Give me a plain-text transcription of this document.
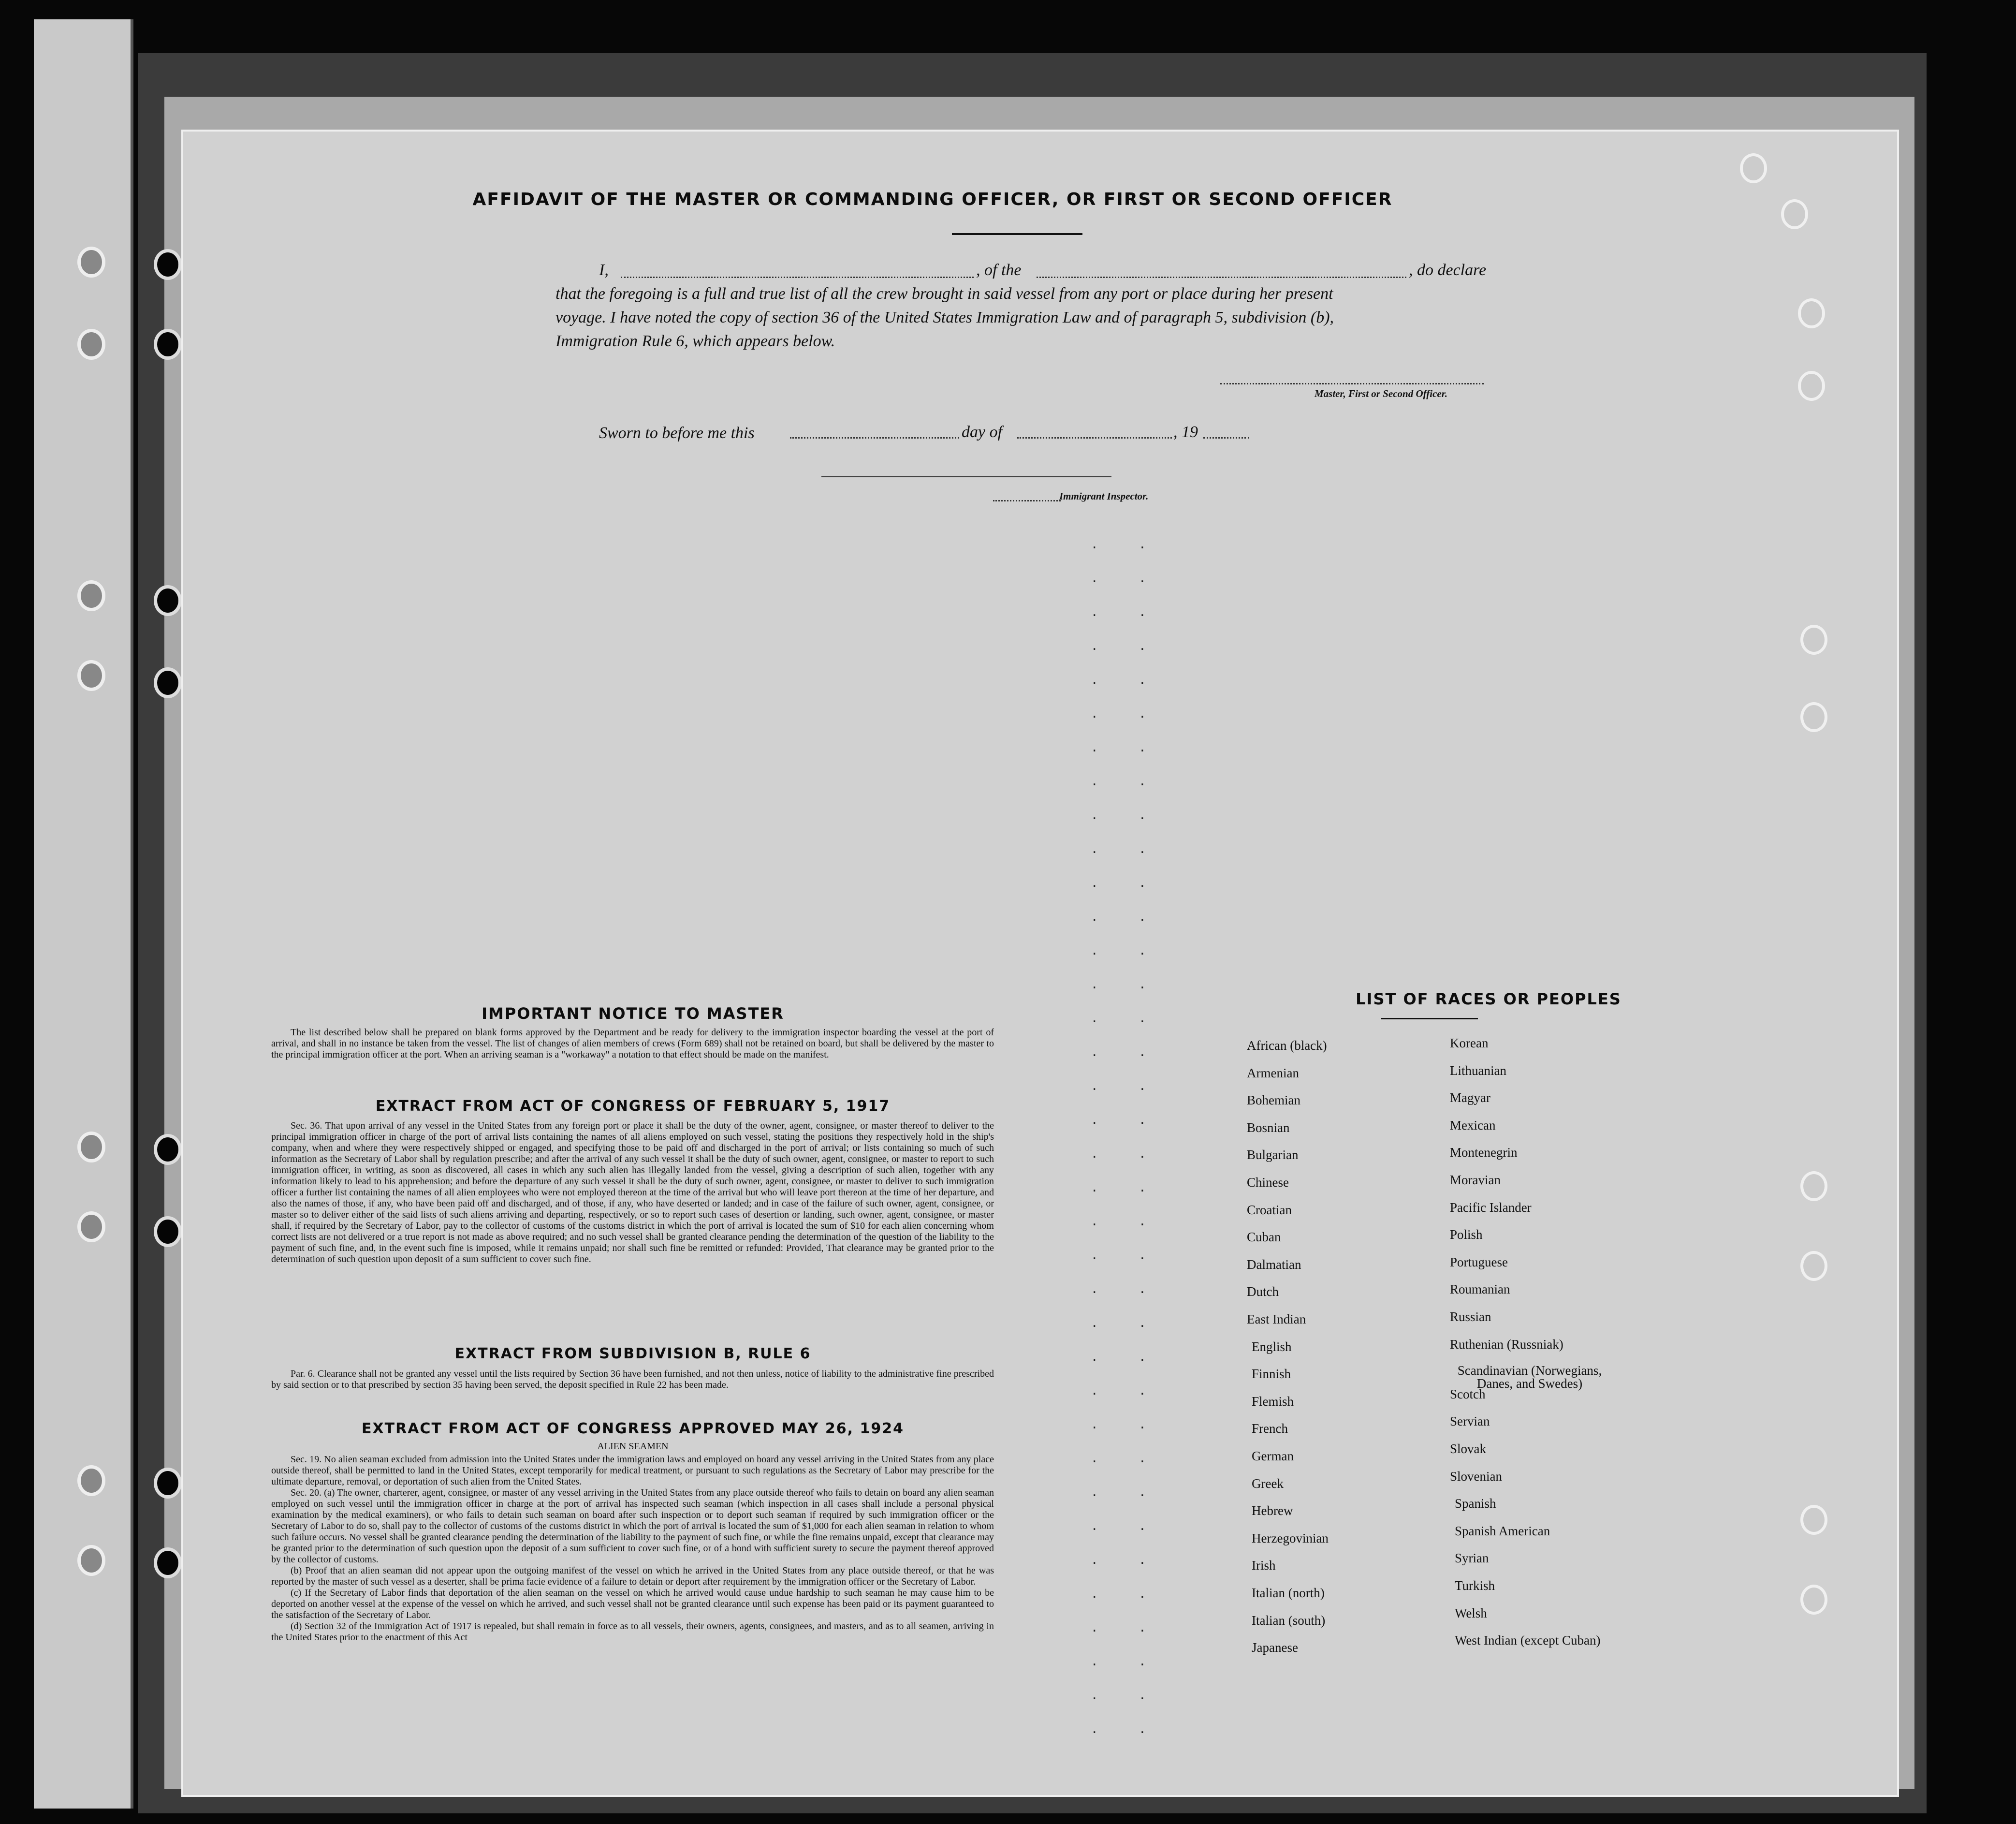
AFFIDAVIT OF THE MASTER OR COMMANDING OFFICER, OR FIRST OR SECOND OFFICER
I,	, of the	, do declare
that the foregoing is a full and true list of all the crew brought in said vessel from any port or place during her present
voyage. I have noted the copy of section 36 of the United States Immigration Law and of paragraph 5, subdivision (b),
Immigration Rule 6, which appears below.
Master, First or Second Officer.
Sworn to before me this	day of	, 19
Immigrant Inspector.
. .
. .
. .
. .
. .
. .
. .
. .
. .
. .
. .
. .
. .
. .
. .
. .
. .
. .
. .
. .
. .
. .
. .
. .
. .
. .
. .
. .
. .
. .
. .
. .
. .
. .
. .
. .
IMPORTANT NOTICE TO MASTER
The list described below shall be prepared on blank forms approved by the Department and be ready for delivery to the immigration inspector boarding the vessel at the port of arrival, and shall in no instance be taken from the vessel. The list of changes of alien members of crews (Form 689) shall not be retained on board, but shall be delivered by the master to the principal immigration officer at the port. When an arriving seaman is a "workaway" a notation to that effect should be made on the manifest.
EXTRACT FROM ACT OF CONGRESS OF FEBRUARY 5, 1917
Sec. 36. That upon arrival of any vessel in the United States from any foreign port or place it shall be the duty of the owner, agent, consignee, or master thereof to deliver to the principal immigration officer in charge of the port of arrival lists containing the names of all aliens employed on such vessel, stating the positions they respectively hold in the ship's company, when and where they were respectively shipped or engaged, and specifying those to be paid off and discharged in the port of arrival; or lists containing so much of such information as the Secretary of Labor shall by regulation prescribe; and after the arrival of any such vessel it shall be the duty of such owner, agent, consignee, or master to report to such immigration officer, in writing, as soon as discovered, all cases in which any such alien has illegally landed from the vessel, giving a description of such alien, together with any information likely to lead to his apprehension; and before the departure of any such vessel it shall be the duty of such owner, agent, consignee, or master to deliver to such immigration officer a further list containing the names of all alien employees who were not employed thereon at the time of the arrival but who will leave port thereon at the time of her departure, and also the names of those, if any, who have been paid off and discharged, and of those, if any, who have deserted or landed; and in case of the failure of such owner, agent, consignee, or master so to deliver either of the said lists of such aliens arriving and departing, respectively, or so to report such cases of desertion or landing, such owner, agent, consignee, or master shall, if required by the Secretary of Labor, pay to the collector of customs of the customs district in which the port of arrival is located the sum of $10 for each alien concerning whom correct lists are not delivered or a true report is not made as above required; and no such vessel shall be granted clearance pending the determination of the question of the liability to the payment of such fine, and, in the event such fine is imposed, while it remains unpaid; nor shall such fine be remitted or refunded: Provided, That clearance may be granted prior to the determination of such question upon deposit of a sum sufficient to cover such fine.
EXTRACT FROM SUBDIVISION B, RULE 6
Par. 6. Clearance shall not be granted any vessel until the lists required by Section 36 have been furnished, and not then unless, notice of liability to the administrative fine prescribed by said section or to that prescribed by section 35 having been served, the deposit specified in Rule 22 has been made.
EXTRACT FROM ACT OF CONGRESS APPROVED MAY 26, 1924
ALIEN SEAMEN
Sec. 19. No alien seaman excluded from admission into the United States under the immigration laws and employed on board any vessel arriving in the United States from any place outside thereof, shall be permitted to land in the United States, except temporarily for medical treatment, or pursuant to such regulations as the Secretary of Labor may prescribe for the ultimate departure, removal, or deportation of such alien from the United States.
Sec. 20. (a) The owner, charterer, agent, consignee, or master of any vessel arriving in the United States from any place outside thereof who fails to detain on board any alien seaman employed on such vessel until the immigration officer in charge at the port of arrival has inspected such seaman (which inspection in all cases shall include a personal physical examination by the medical examiners), or who fails to detain such seaman on board after such inspection or to deport such seaman if required by such immigration officer or the Secretary of Labor to do so, shall pay to the collector of customs of the customs district in which the port of arrival is located the sum of $1,000 for each alien seaman in relation to whom such failure occurs. No vessel shall be granted clearance pending the determination of the liability to the payment of such fine, or while the fine remains unpaid, except that clearance may be granted prior to the determination of such question upon the deposit of a sum sufficient to cover such fine, or of a bond with sufficient surety to secure the payment thereof approved by the collector of customs.
(b) Proof that an alien seaman did not appear upon the outgoing manifest of the vessel on which he arrived in the United States from any place outside thereof, or that he was reported by the master of such vessel as a deserter, shall be prima facie evidence of a failure to detain or deport after requirement by the immigration officer or the Secretary of Labor.
(c) If the Secretary of Labor finds that deportation of the alien seaman on the vessel on which he arrived would cause undue hardship to such seaman he may cause him to be deported on another vessel at the expense of the vessel on which he arrived, and such vessel shall not be granted clearance until such expense has been paid or its payment guaranteed to the satisfaction of the Secretary of Labor.
(d) Section 32 of the Immigration Act of 1917 is repealed, but shall remain in force as to all vessels, their owners, agents, consignees, and masters, and as to all seamen, arriving in the United States prior to the enactment of this Act
LIST OF RACES OR PEOPLES
African (black)
Armenian
Bohemian
Bosnian
Bulgarian
Chinese
Croatian
Cuban
Dalmatian
Dutch
East Indian
English
Finnish
Flemish
French
German
Greek
Hebrew
Herzegovinian
Irish
Italian (north)
Italian (south)
Japanese
Korean
Lithuanian
Magyar
Mexican
Montenegrin
Moravian
Pacific Islander
Polish
Portuguese
Roumanian
Russian
Ruthenian (Russniak)
Scandinavian (Norwegians, Danes, and Swedes)
Scotch
Servian
Slovak
Slovenian
Spanish
Spanish American
Syrian
Turkish
Welsh
West Indian (except Cuban)
